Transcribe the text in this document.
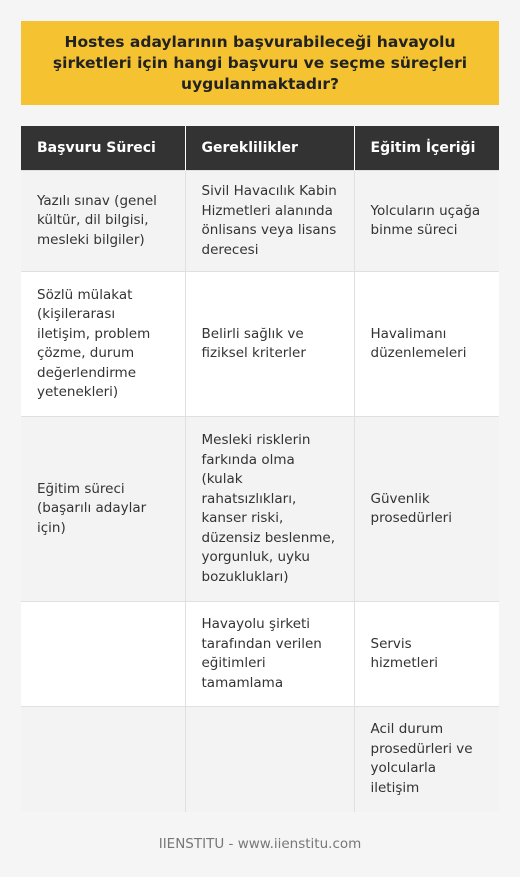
Hostes adaylarının başvurabileceği havayolu şirketleri için hangi başvuru ve seçme süreçleri uygulanmaktadır?
Başvuru Süreci	Gereklilikler	Eğitim İçeriği
Yazılı sınav (genel kültür, dil bilgisi, mesleki bilgiler)	Sivil Havacılık Kabin Hizmetleri alanında önlisans veya lisans derecesi	Yolcuların uçağa binme süreci
Sözlü mülakat (kişilerarası iletişim, problem çözme, durum değerlendirme yetenekleri)	Belirli sağlık ve fiziksel kriterler	Havalimanı düzenlemeleri
Eğitim süreci (başarılı adaylar için)	Mesleki risklerin farkında olma (kulak rahatsızlıkları, kanser riski, düzensiz beslenme, yorgunluk, uyku bozuklukları)	Güvenlik prosedürleri
	Havayolu şirketi tarafından verilen eğitimleri tamamlama	Servis hizmetleri
		Acil durum prosedürleri ve yolcularla iletişim
IIENSTITU - www.iienstitu.com
